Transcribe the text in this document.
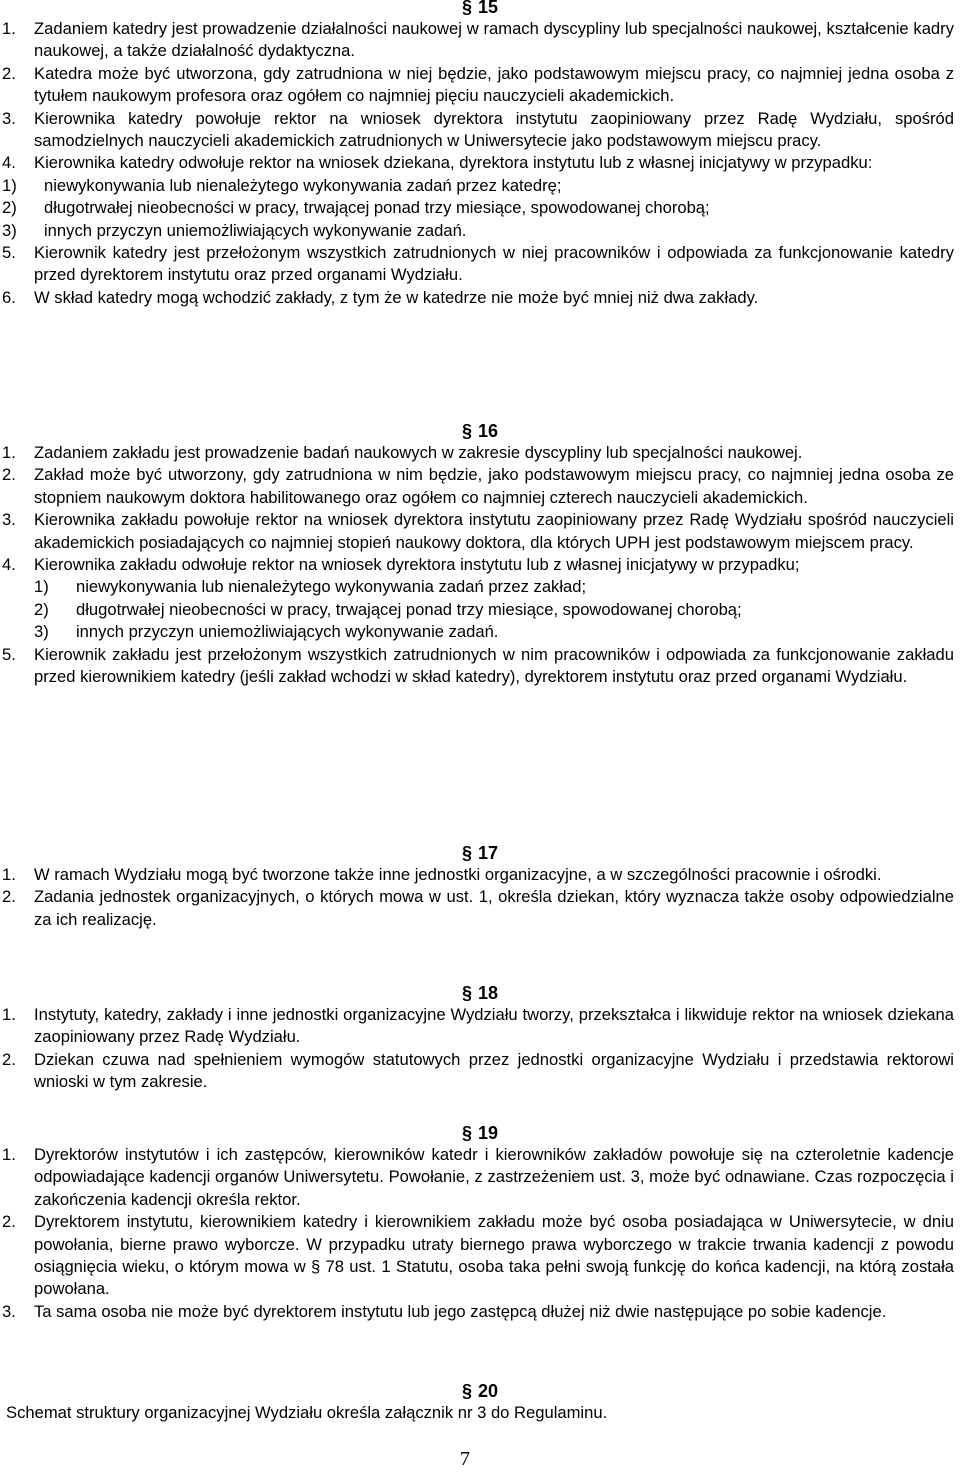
§ 15

1.	Zadaniem katedry jest prowadzenie działalności naukowej w ramach dyscypliny lub specjalności naukowej, kształcenie kadry naukowej, a także działalność dydaktyczna.
2.	Katedra może być utworzona, gdy zatrudniona w niej będzie, jako podstawowym miejscu pracy, co najmniej jedna osoba z tytułem naukowym profesora oraz ogółem co najmniej pięciu nauczycieli akademickich.
3.	Kierownika katedry powołuje rektor na wniosek dyrektora instytutu zaopiniowany przez Radę Wydziału, spośród samodzielnych nauczycieli akademickich zatrudnionych w Uniwersytecie jako podstawowym miejscu pracy.
4.	Kierownika katedry odwołuje rektor na wniosek dziekana, dyrektora instytutu lub z własnej inicjatywy w przypadku:
1)	niewykonywania lub nienależytego wykonywania zadań przez katedrę;
2)	długotrwałej nieobecności w pracy, trwającej ponad trzy miesiące, spowodowanej chorobą;
3)	innych przyczyn uniemożliwiających wykonywanie zadań.
5.	Kierownik katedry jest przełożonym wszystkich zatrudnionych w niej pracowników i odpowiada za funkcjonowanie katedry przed dyrektorem instytutu oraz przed organami Wydziału.
6.	W skład katedry mogą wchodzić zakłady, z tym że w katedrze nie może być mniej niż dwa zakłady.

§ 16

1.	Zadaniem zakładu jest prowadzenie badań naukowych w zakresie dyscypliny lub specjalności naukowej.
2.	Zakład może być utworzony, gdy zatrudniona w nim będzie, jako podstawowym miejscu pracy, co najmniej jedna osoba ze stopniem naukowym doktora habilitowanego oraz ogółem co najmniej czterech nauczycieli akademickich.
3.	Kierownika zakładu powołuje rektor na wniosek dyrektora instytutu zaopiniowany przez Radę Wydziału spośród nauczycieli akademickich posiadających co najmniej stopień naukowy doktora, dla których UPH jest podstawowym miejscem pracy.
4.	Kierownika zakładu odwołuje rektor na wniosek dyrektora instytutu lub z własnej inicjatywy w przypadku;
1)	niewykonywania lub nienależytego wykonywania zadań przez zakład;
2)	długotrwałej nieobecności w pracy, trwającej ponad trzy miesiące, spowodowanej chorobą;
3)	innych przyczyn uniemożliwiających wykonywanie zadań.
5.	Kierownik zakładu jest przełożonym wszystkich zatrudnionych w nim pracowników i odpowiada za funkcjonowanie zakładu przed kierownikiem katedry (jeśli zakład wchodzi w skład katedry), dyrektorem instytutu oraz przed organami Wydziału.

§ 17

1.	W ramach Wydziału mogą być tworzone także inne jednostki organizacyjne, a w szczególności pracownie i ośrodki.
2.	Zadania jednostek organizacyjnych, o których mowa w ust. 1, określa dziekan, który wyznacza także osoby odpowiedzialne za ich realizację.

§ 18

1.	Instytuty, katedry, zakłady i inne jednostki organizacyjne Wydziału tworzy, przekształca i likwiduje rektor na wniosek dziekana zaopiniowany przez Radę Wydziału.
2.	Dziekan czuwa nad spełnieniem wymogów statutowych przez jednostki organizacyjne Wydziału i przedstawia rektorowi wnioski w tym zakresie.

§ 19

1.	Dyrektorów instytutów i ich zastępców, kierowników katedr i kierowników zakładów powołuje się na czteroletnie kadencje odpowiadające kadencji organów Uniwersytetu. Powołanie, z zastrzeżeniem ust. 3, może być odnawiane. Czas rozpoczęcia i zakończenia kadencji określa rektor.
2.	Dyrektorem instytutu, kierownikiem katedry i kierownikiem zakładu może być osoba posiadająca w Uniwersytecie, w dniu powołania, bierne prawo wyborcze. W przypadku utraty biernego prawa wyborczego w trakcie trwania kadencji z powodu osiągnięcia wieku, o którym mowa w § 78 ust. 1 Statutu, osoba taka pełni swoją funkcję do końca kadencji, na którą została powołana.
3.	Ta sama osoba nie może być dyrektorem instytutu lub jego zastępcą dłużej niż dwie następujące po sobie kadencje.

§ 20

Schemat struktury organizacyjnej Wydziału określa załącznik nr 3 do Regulaminu.

7
